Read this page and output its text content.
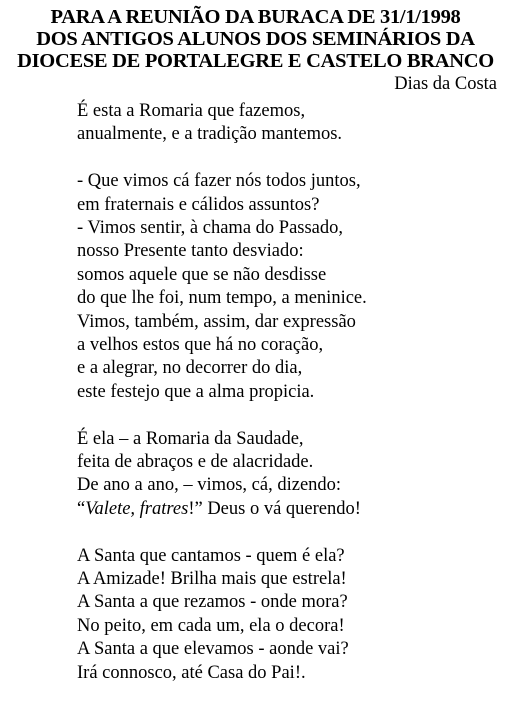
PARA A REUNIÃO DA BURACA DE 31/1/1998
DOS ANTIGOS ALUNOS DOS SEMINÁRIOS DA
DIOCESE DE PORTALEGRE E CASTELO BRANCO
Dias da Costa
É esta a Romaria que fazemos,
anualmente, e a tradição mantemos.
- Que vimos cá fazer nós todos juntos,
em fraternais e cálidos assuntos?
- Vimos sentir, à chama do Passado,
nosso Presente tanto desviado:
somos aquele que se não desdisse
do que lhe foi, num tempo, a meninice.
Vimos, também, assim, dar expressão
a velhos estos que há no coração,
e a alegrar, no decorrer do dia,
este festejo que a alma propicia.
É ela – a Romaria da Saudade,
feita de abraços e de alacridade.
De ano a ano, – vimos, cá, dizendo:
“Valete, fratres!” Deus o vá querendo!
A Santa que cantamos - quem é ela?
A Amizade! Brilha mais que estrela!
A Santa a que rezamos - onde mora?
No peito, em cada um, ela o decora!
A Santa a que elevamos - aonde vai?
Irá connosco, até Casa do Pai!.
